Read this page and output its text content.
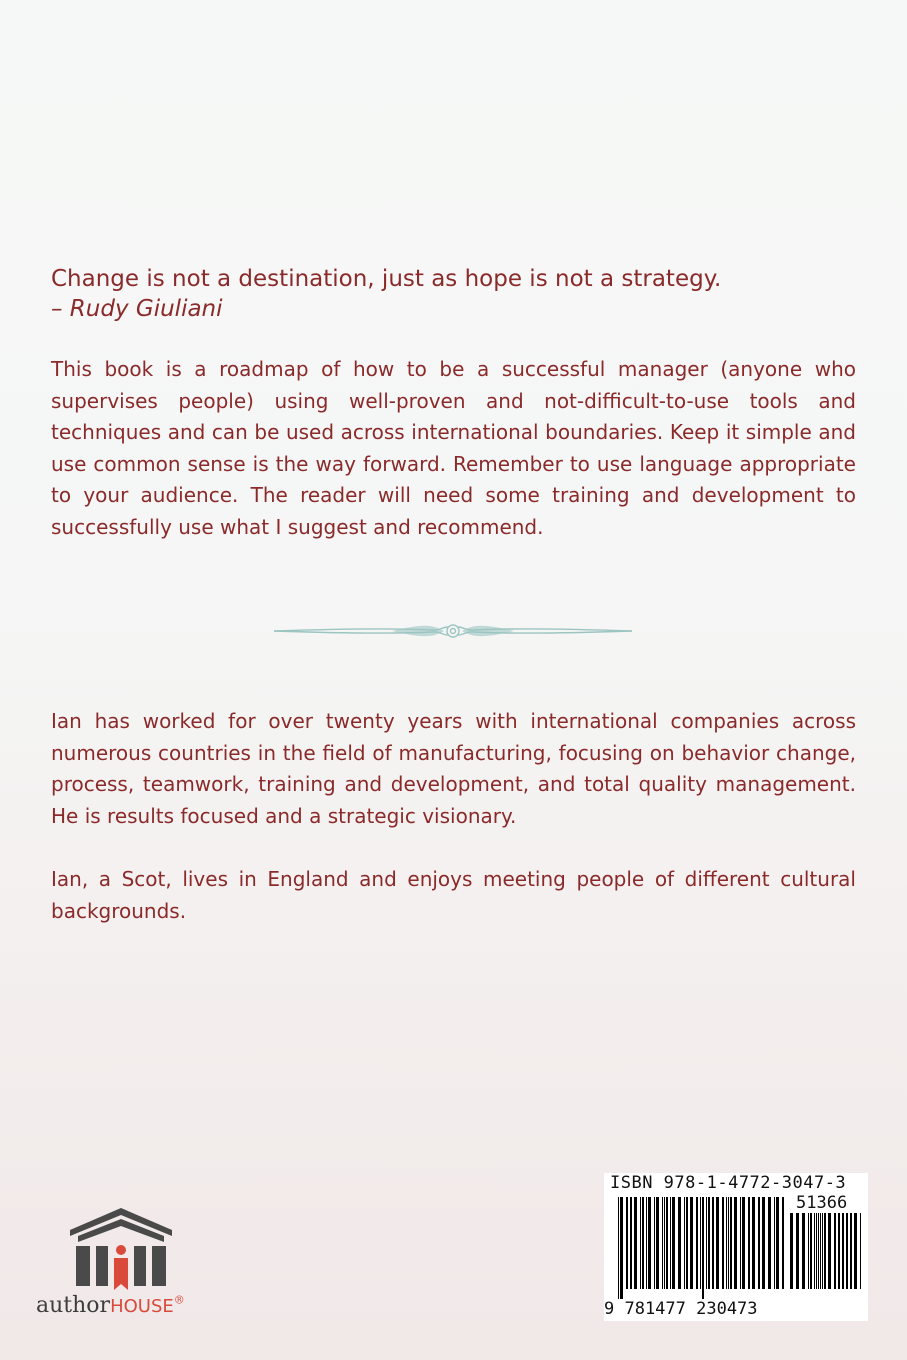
Change is not a destination, just as hope is not a strategy.
– Rudy Giuliani
This book is a roadmap of how to be a successful manager (anyone who supervises people) using well-proven and not-difficult-to-use tools and techniques and can be used across international boundaries. Keep it simple and use common sense is the way forward. Remember to use language appropriate to your audience. The reader will need some training and development to successfully use what I suggest and recommend.
Ian has worked for over twenty years with international companies across numerous countries in the field of manufacturing, focusing on behavior change, process, teamwork, training and development, and total quality management. He is results focused and a strategic visionary.
Ian, a Scot, lives in England and enjoys meeting people of different cultural backgrounds.
authorHOUSE®
ISBN 978-1-4772-3047-3
51366
9 781477 230473
